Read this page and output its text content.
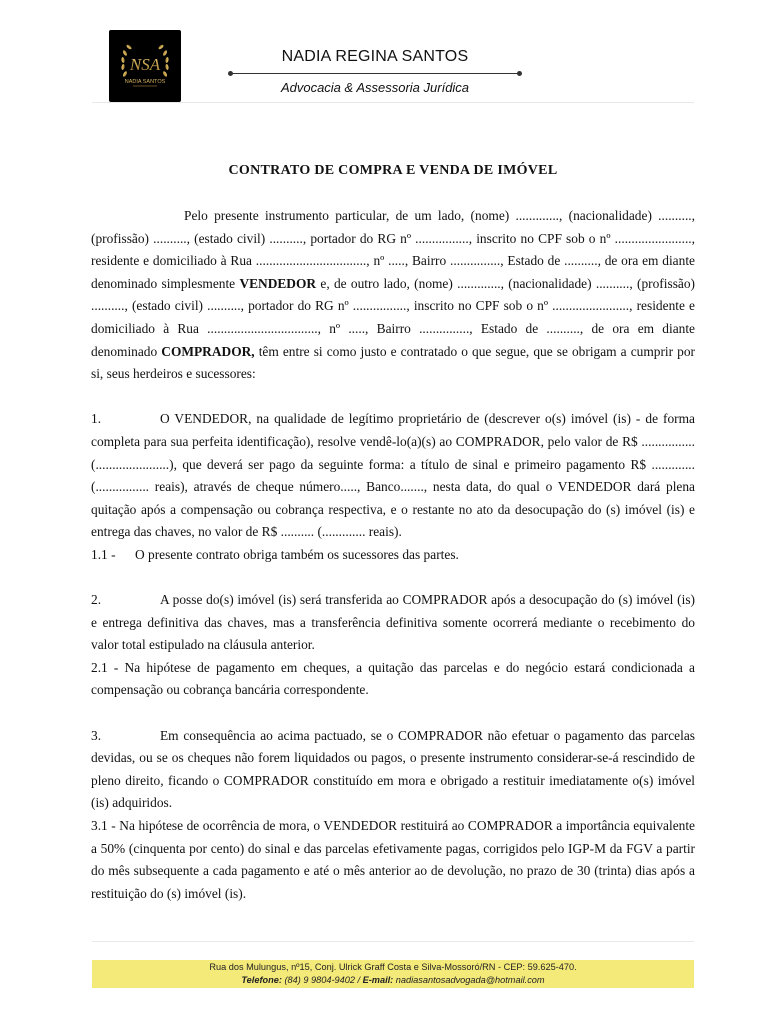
NSA
NADIA SANTOS
NADIA REGINA SANTOS
Advocacia & Assessoria Jurídica
CONTRATO DE COMPRA E VENDA DE IMÓVEL

Pelo presente instrumento particular, de um lado, (nome) ............., (nacionalidade) .........., (profissão) .........., (estado civil) .........., portador do RG nº ................, inscrito no CPF sob o nº ......................., residente e domiciliado à Rua ................................., nº ....., Bairro ..............., Estado de .........., de ora em diante denominado simplesmente VENDEDOR e, de outro lado, (nome) ............., (nacionalidade) .........., (profissão) .........., (estado civil) .........., portador do RG nº ................, inscrito no CPF sob o nº ......................., residente e domiciliado à Rua ................................., nº ....., Bairro ..............., Estado de .........., de ora em diante denominado COMPRADOR, têm entre si como justo e contratado o que segue, que se obrigam a cumprir por si, seus herdeiros e sucessores:

1.	O VENDEDOR, na qualidade de legítimo proprietário de (descrever o(s) imóvel (is) - de forma completa para sua perfeita identificação), resolve vendê-lo(a)(s) ao COMPRADOR, pelo valor de R$ ................(......................), que deverá ser pago da seguinte forma: a título de sinal e primeiro pagamento R$ ............. (................ reais), através de cheque número....., Banco......., nesta data, do qual o VENDEDOR dará plena quitação após a compensação ou cobrança respectiva, e o restante no ato da desocupação do (s) imóvel (is) e entrega das chaves, no valor de R$ .......... (............. reais).

1.1 - O presente contrato obriga também os sucessores das partes.

2.	A posse do(s) imóvel (is) será transferida ao COMPRADOR após a desocupação do (s) imóvel (is) e entrega definitiva das chaves, mas a transferência definitiva somente ocorrerá mediante o recebimento do valor total estipulado na cláusula anterior.

2.1 - Na hipótese de pagamento em cheques, a quitação das parcelas e do negócio estará condicionada a compensação ou cobrança bancária correspondente.

3.	Em consequência ao acima pactuado, se o COMPRADOR não efetuar o pagamento das parcelas devidas, ou se os cheques não forem liquidados ou pagos, o presente instrumento considerar-se-á rescindido de pleno direito, ficando o COMPRADOR constituído em mora e obrigado a restituir imediatamente o(s) imóvel (is) adquiridos.

3.1 - Na hipótese de ocorrência de mora, o VENDEDOR restituirá ao COMPRADOR a importância equivalente a 50% (cinquenta por cento) do sinal e das parcelas efetivamente pagas, corrigidos pelo IGP-M da FGV a partir do mês subsequente a cada pagamento e até o mês anterior ao de devolução, no prazo de 30 (trinta) dias após a restituição do (s) imóvel (is).

Rua dos Mulungus, nº15, Conj. Ulrick Graff Costa e Silva-Mossoró/RN - CEP: 59.625-470.
Telefone: (84) 9 9804-9402 / E-mail: nadiasantosadvogada@hotmail.com
